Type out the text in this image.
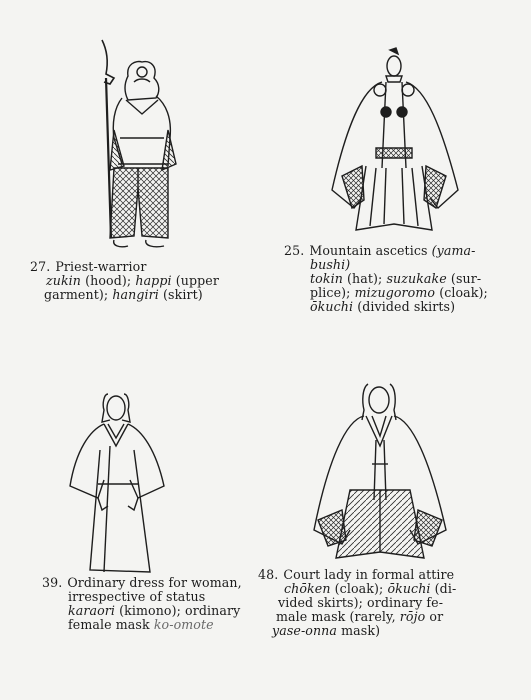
27. Priest-warrior
zukin (hood); happi (upper
garment); hangiri (skirt)
25. Mountain ascetics (yama-
bushi)
tokin (hat); suzukake (sur-
plice); mizugoromo (cloak);
ōkuchi (divided skirts)
39. Ordinary dress for woman,
irrespective of status
karaori (kimono); ordinary
female mask ko-omote
48. Court lady in formal attire
chōken (cloak); ōkuchi (di-
vided skirts); ordinary fe-
male mask (rarely, rōjo or
yase-onna mask)
